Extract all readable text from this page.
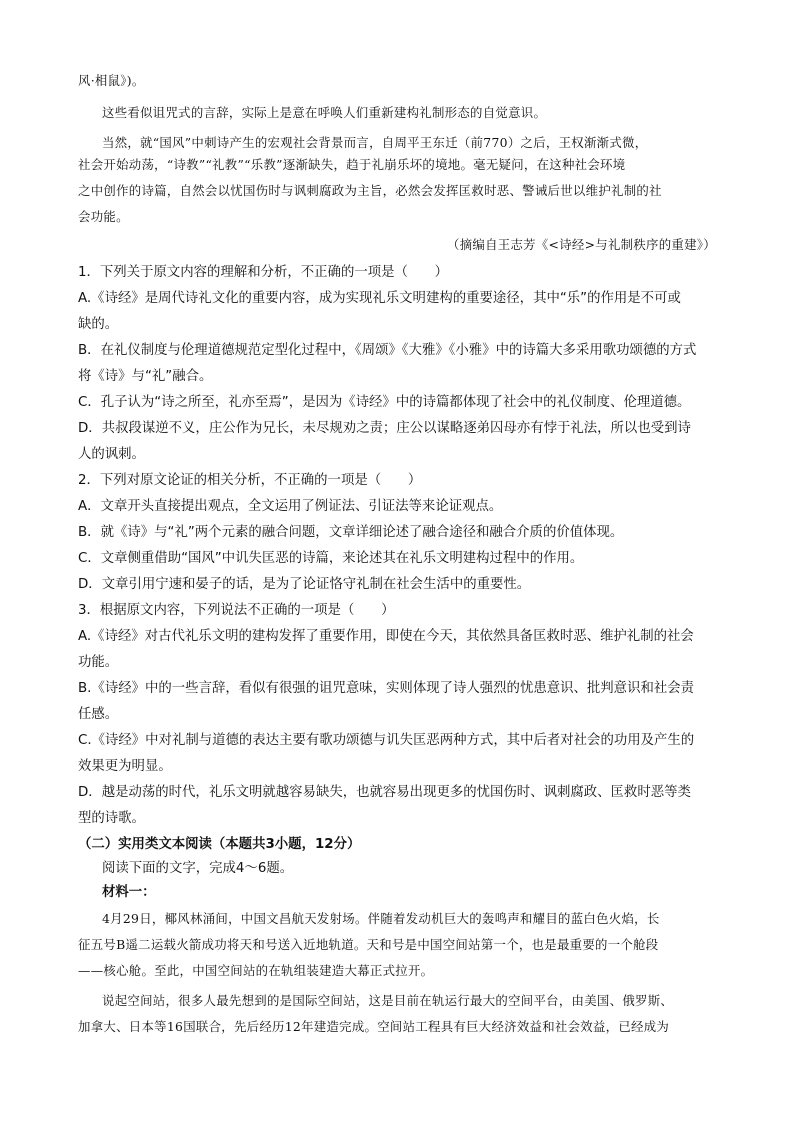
风·相鼠》)。
这些看似诅咒式的言辞，实际上是意在呼唤人们重新建构礼制形态的自觉意识。
当然，就“国风”中刺诗产生的宏观社会背景而言，自周平王东迁（前770）之后，王权渐渐式微，
社会开始动荡，“诗教”“礼教”“乐教”逐渐缺失，趋于礼崩乐坏的境地。毫无疑问，在这种社会环境
之中创作的诗篇，自然会以忧国伤时与讽刺腐政为主旨，必然会发挥匡救时恶、警诫后世以维护礼制的社
会功能。
（摘编自王志芳《<诗经>与礼制秩序的重建》）
1．下列关于原文内容的理解和分析，不正确的一项是（　　）
A.《诗经》是周代诗礼文化的重要内容，成为实现礼乐文明建构的重要途径，其中“乐”的作用是不可或
缺的。
B．在礼仪制度与伦理道德规范定型化过程中，《周颂》《大雅》《小雅》中的诗篇大多采用歌功颂德的方式
将《诗》与“礼”融合。
C．孔子认为“诗之所至，礼亦至焉”，是因为《诗经》中的诗篇都体现了社会中的礼仪制度、伦理道德。
D．共叔段谋逆不义，庄公作为兄长，未尽规劝之责；庄公以谋略逐弟囚母亦有悖于礼法，所以也受到诗
人的讽刺。
2．下列对原文论证的相关分析，不正确的一项是（　　）
A．文章开头直接提出观点，全文运用了例证法、引证法等来论证观点。
B．就《诗》与“礼”两个元素的融合问题，文章详细论述了融合途径和融合介质的价值体现。
C．文章侧重借助“国风”中讥失匡恶的诗篇，来论述其在礼乐文明建构过程中的作用。
D．文章引用宁速和晏子的话，是为了论证恪守礼制在社会生活中的重要性。
3．根据原文内容，下列说法不正确的一项是（　　）
A.《诗经》对古代礼乐文明的建构发挥了重要作用，即使在今天，其依然具备匡救时恶、维护礼制的社会
功能。
B.《诗经》中的一些言辞，看似有很强的诅咒意味，实则体现了诗人强烈的忧患意识、批判意识和社会责
任感。
C.《诗经》中对礼制与道德的表达主要有歌功颂德与讥失匡恶两种方式，其中后者对社会的功用及产生的
效果更为明显。
D．越是动荡的时代，礼乐文明就越容易缺失，也就容易出现更多的忧国伤时、讽刺腐政、匡救时恶等类
型的诗歌。
（二）实用类文本阅读（本题共3小题，12分）
阅读下面的文字，完成4～6题。
材料一：
4月29日，椰风林涌间，中国文昌航天发射场。伴随着发动机巨大的轰鸣声和耀目的蓝白色火焰，长
征五号B遥二运载火箭成功将天和号送入近地轨道。天和号是中国空间站第一个，也是最重要的一个舱段
——核心舱。至此，中国空间站的在轨组装建造大幕正式拉开。
说起空间站，很多人最先想到的是国际空间站，这是目前在轨运行最大的空间平台，由美国、俄罗斯、
加拿大、日本等16国联合，先后经历12年建造完成。空间站工程具有巨大经济效益和社会效益，已经成为
